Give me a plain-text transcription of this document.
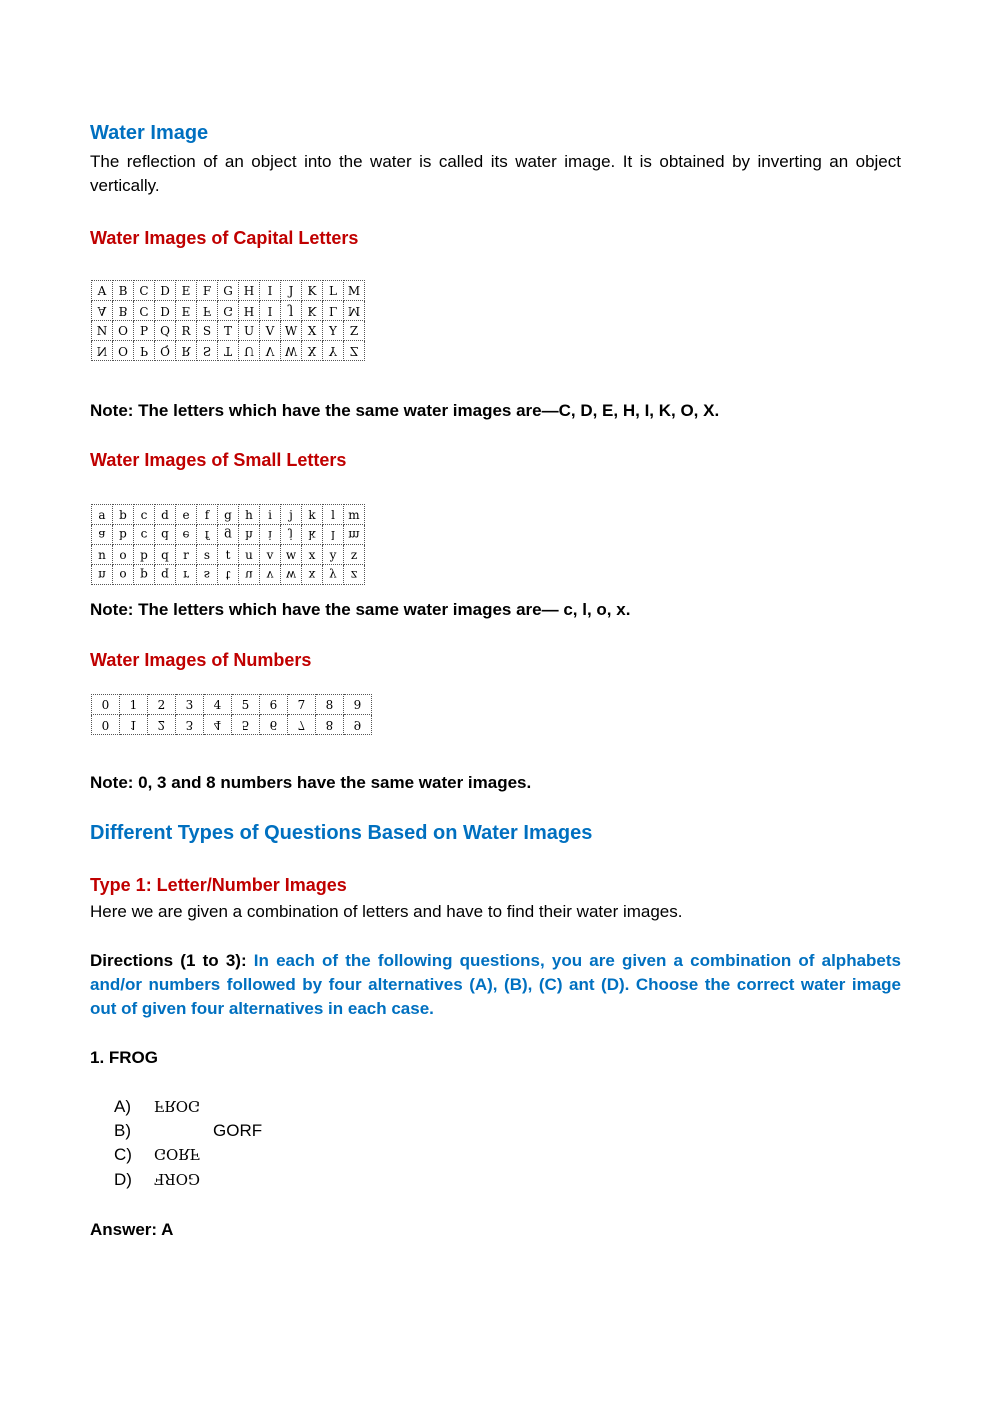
Water Image
The reflection of an object into the water is called its water image. It is obtained by inverting an object vertically.
Water Images of Capital Letters
A	B	C	D	E	F	G	H	I	J	K	L	M
A	B	C	D	E	F	G	H	I	J	K	L	M
N	O	P	Q	R	S	T	U	V	W	X	Y	Z
N	O	P	Q	R	S	T	U	V	W	X	Y	Z
Note: The letters which have the same water images are—C, D, E, H, I, K, O, X.
Water Images of Small Letters
a	b	c	d	e	f	g	h	i	j	k	l	m
a	b	c	d	e	f	g	h	i	j	k	l	m
n	o	p	q	r	s	t	u	v	w	x	y	z
n	o	p	q	r	s	t	u	v	w	x	y	z
Note: The letters which have the same water images are— c, l, o, x.
Water Images of Numbers
0	1	2	3	4	5	6	7	8	9
0	1	2	3	4	5	6	7	8	9
Note: 0, 3 and 8 numbers have the same water images.
Different Types of Questions Based on Water Images
Type 1: Letter/Number Images
Here we are given a combination of letters and have to find their water images.
Directions (1 to 3): In each of the following questions, you are given a combination of alphabets and/or numbers followed by four alternatives (A), (B), (C) ant (D). Choose the correct water image out of given four alternatives in each case.
1. FROG
A) FROG
B)	GORF
C) GORF
D) GORF
Answer: A
